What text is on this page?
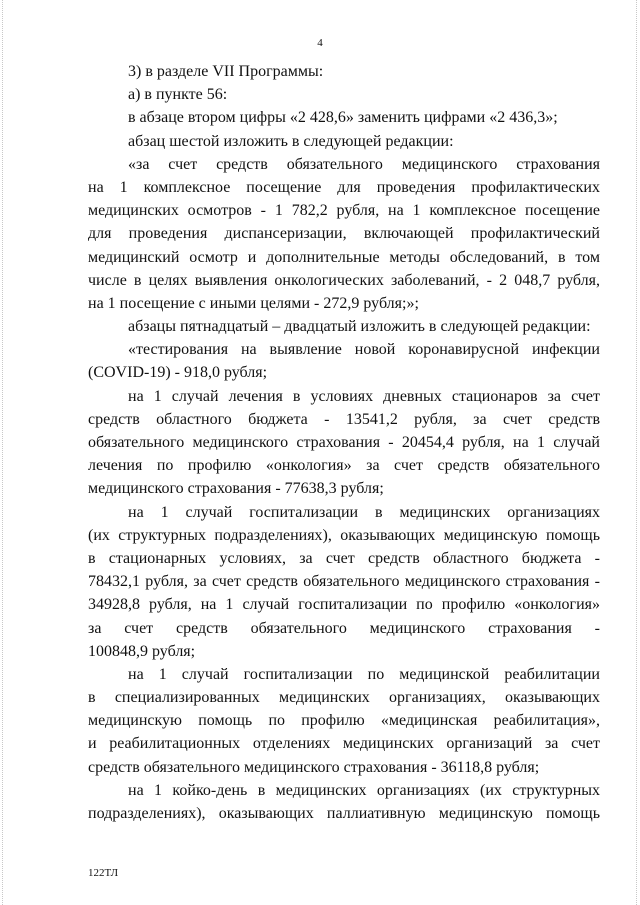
4
3) в разделе VII Программы:
а) в пункте 56:
в абзаце втором цифры «2 428,6» заменить цифрами «2 436,3»;
абзац шестой изложить в следующей редакции:
«за счет средств обязательного медицинского страхования
на 1 комплексное посещение для проведения профилактических
медицинских осмотров - 1 782,2 рубля, на 1 комплексное посещение
для проведения диспансеризации, включающей профилактический
медицинский осмотр и дополнительные методы обследований, в том
числе в целях выявления онкологических заболеваний, - 2 048,7 рубля,
на 1 посещение с иными целями - 272,9 рубля;»;
абзацы пятнадцатый – двадцатый изложить в следующей редакции:
«тестирования на выявление новой коронавирусной инфекции
(COVID-19) - 918,0 рубля;
на 1 случай лечения в условиях дневных стационаров за счет
средств областного бюджета - 13541,2 рубля, за счет средств
обязательного медицинского страхования - 20454,4 рубля, на 1 случай
лечения по профилю «онкология» за счет средств обязательного
медицинского страхования - 77638,3 рубля;
на 1 случай госпитализации в медицинских организациях
(их структурных подразделениях), оказывающих медицинскую помощь
в стационарных условиях, за счет средств областного бюджета -
78432,1 рубля, за счет средств обязательного медицинского страхования -
34928,8 рубля, на 1 случай госпитализации по профилю «онкология»
за счет средств обязательного медицинского страхования -
100848,9 рубля;
на 1 случай госпитализации по медицинской реабилитации
в специализированных медицинских организациях, оказывающих
медицинскую помощь по профилю «медицинская реабилитация»,
и реабилитационных отделениях медицинских организаций за счет
средств обязательного медицинского страхования - 36118,8 рубля;
на 1 койко-день в медицинских организациях (их структурных
подразделениях), оказывающих паллиативную медицинскую помощь
122ТЛ
